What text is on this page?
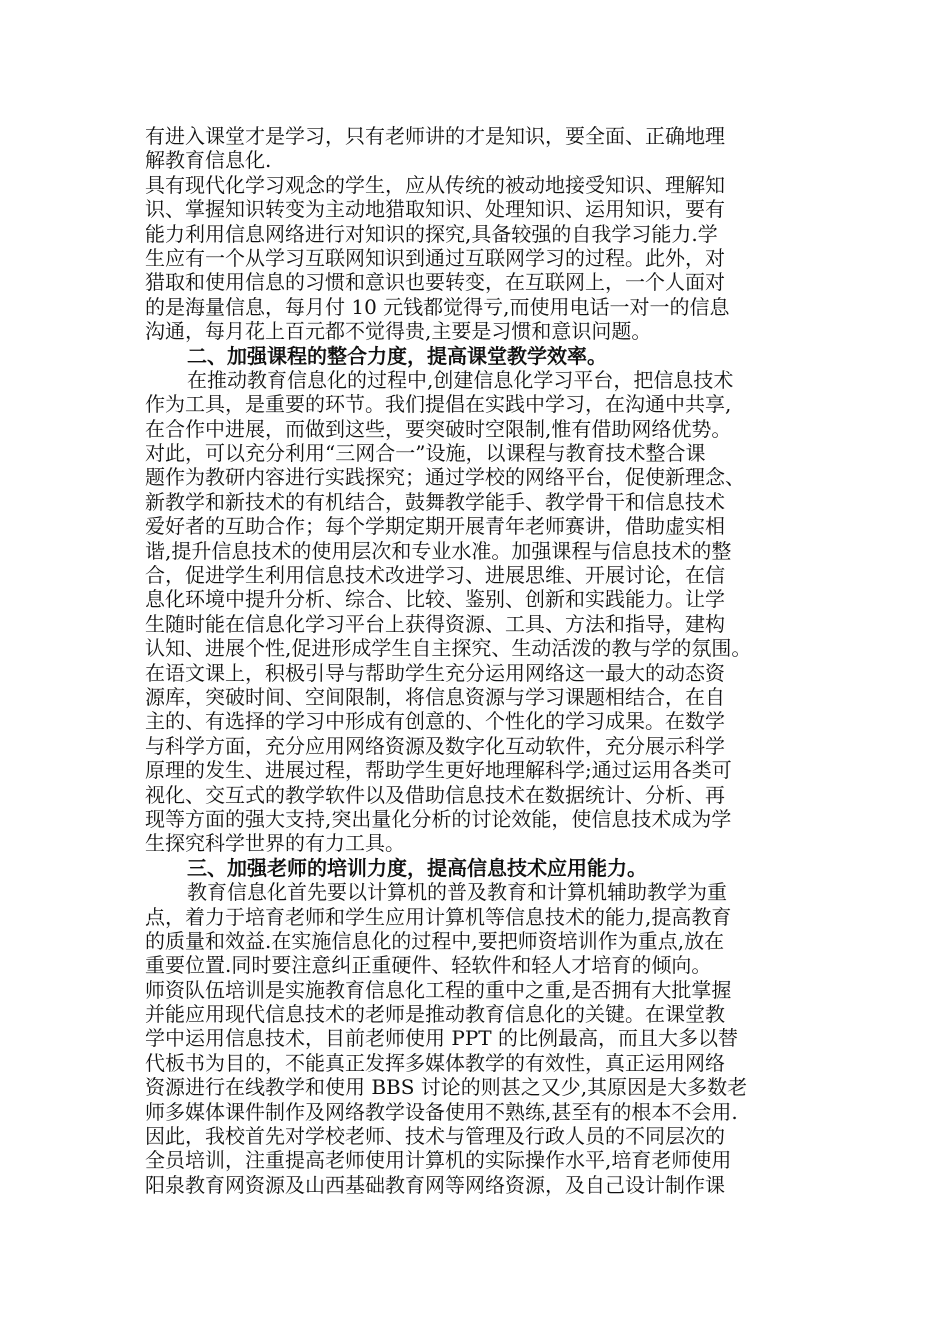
有进入课堂才是学习，只有老师讲的才是知识，要全面、正确地理
解教育信息化.
具有现代化学习观念的学生，应从传统的被动地接受知识、理解知
识、掌握知识转变为主动地猎取知识、处理知识、运用知识，要有
能力利用信息网络进行对知识的探究,具备较强的自我学习能力.学
生应有一个从学习互联网知识到通过互联网学习的过程。此外，对
猎取和使用信息的习惯和意识也要转变，在互联网上，一个人面对
的是海量信息，每月付 10 元钱都觉得亏,而使用电话一对一的信息
沟通，每月花上百元都不觉得贵,主要是习惯和意识问题。
二、加强课程的整合力度，提高课堂教学效率。
在推动教育信息化的过程中,创建信息化学习平台，把信息技术
作为工具，是重要的环节。我们提倡在实践中学习，在沟通中共享,
在合作中进展，而做到这些，要突破时空限制,惟有借助网络优势。
对此，可以充分利用“三网合一”设施，以课程与教育技术整合课
题作为教研内容进行实践探究；通过学校的网络平台，促使新理念、
新教学和新技术的有机结合，鼓舞教学能手、教学骨干和信息技术
爱好者的互助合作；每个学期定期开展青年老师赛讲，借助虚实相
谐,提升信息技术的使用层次和专业水准。加强课程与信息技术的整
合，促进学生利用信息技术改进学习、进展思维、开展讨论，在信
息化环境中提升分析、综合、比较、鉴别、创新和实践能力。让学
生随时能在信息化学习平台上获得资源、工具、方法和指导，建构
认知、进展个性,促进形成学生自主探究、生动活泼的教与学的氛围。
在语文课上，积极引导与帮助学生充分运用网络这一最大的动态资
源库，突破时间、空间限制，将信息资源与学习课题相结合，在自
主的、有选择的学习中形成有创意的、个性化的学习成果。在数学
与科学方面，充分应用网络资源及数字化互动软件，充分展示科学
原理的发生、进展过程，帮助学生更好地理解科学;通过运用各类可
视化、交互式的教学软件以及借助信息技术在数据统计、分析、再
现等方面的强大支持,突出量化分析的讨论效能，使信息技术成为学
生探究科学世界的有力工具。
三、加强老师的培训力度，提高信息技术应用能力。
教育信息化首先要以计算机的普及教育和计算机辅助教学为重
点，着力于培育老师和学生应用计算机等信息技术的能力,提高教育
的质量和效益.在实施信息化的过程中,要把师资培训作为重点,放在
重要位置.同时要注意纠正重硬件、轻软件和轻人才培育的倾向。
师资队伍培训是实施教育信息化工程的重中之重,是否拥有大批掌握
并能应用现代信息技术的老师是推动教育信息化的关键。在课堂教
学中运用信息技术，目前老师使用 PPT 的比例最高，而且大多以替
代板书为目的，不能真正发挥多媒体教学的有效性，真正运用网络
资源进行在线教学和使用 BBS 讨论的则甚之又少,其原因是大多数老
师多媒体课件制作及网络教学设备使用不熟练,甚至有的根本不会用.
因此，我校首先对学校老师、技术与管理及行政人员的不同层次的
全员培训，注重提高老师使用计算机的实际操作水平,培育老师使用
阳泉教育网资源及山西基础教育网等网络资源，及自己设计制作课
